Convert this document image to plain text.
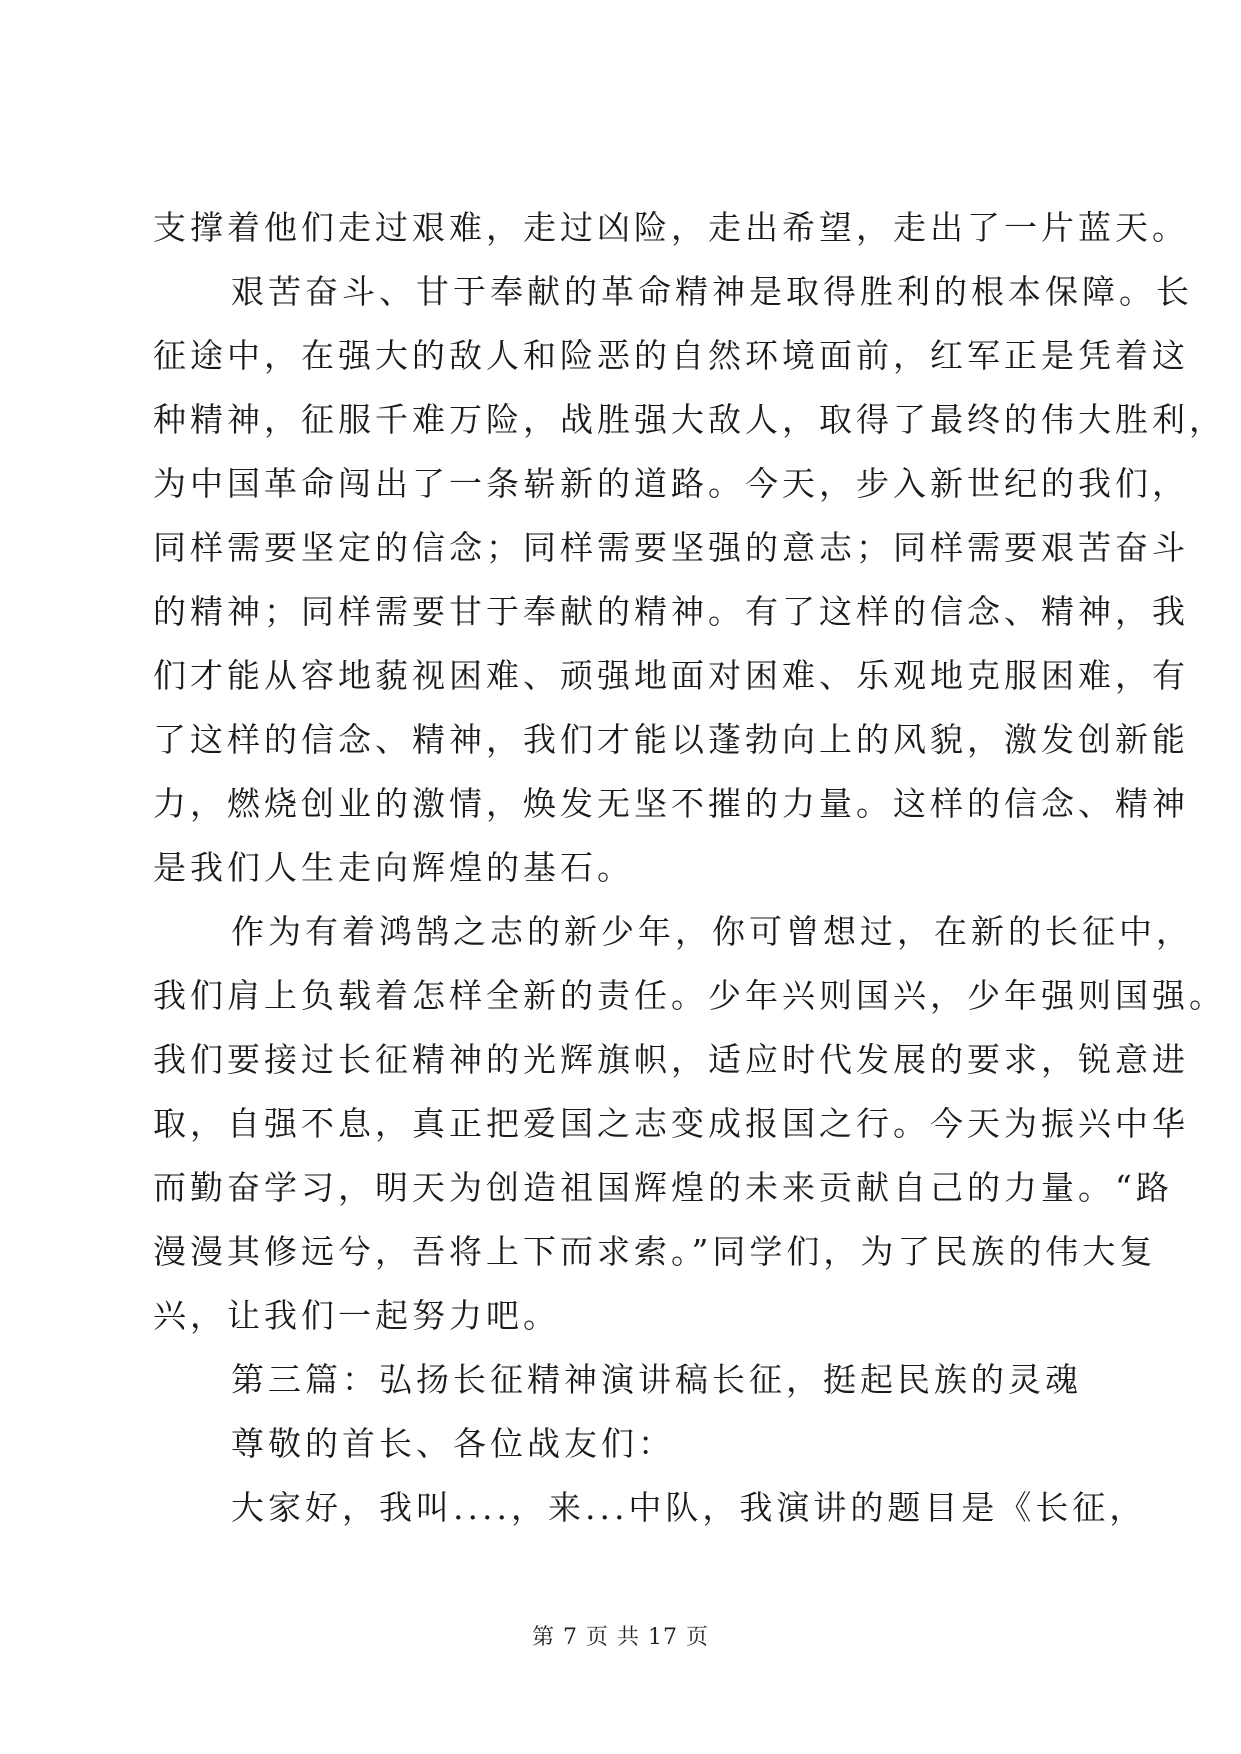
支撑着他们走过艰难，走过凶险，走出希望，走出了一片蓝天。
艰苦奋斗、甘于奉献的革命精神是取得胜利的根本保障。长
征途中，在强大的敌人和险恶的自然环境面前，红军正是凭着这
种精神，征服千难万险，战胜强大敌人，取得了最终的伟大胜利，
为中国革命闯出了一条崭新的道路。今天，步入新世纪的我们，
同样需要坚定的信念；同样需要坚强的意志；同样需要艰苦奋斗
的精神；同样需要甘于奉献的精神。有了这样的信念、精神，我
们才能从容地藐视困难、顽强地面对困难、乐观地克服困难，有
了这样的信念、精神，我们才能以蓬勃向上的风貌，激发创新能
力，燃烧创业的激情，焕发无坚不摧的力量。这样的信念、精神
是我们人生走向辉煌的基石。
作为有着鸿鹄之志的新少年，你可曾想过，在新的长征中，
我们肩上负载着怎样全新的责任。少年兴则国兴，少年强则国强。
我们要接过长征精神的光辉旗帜，适应时代发展的要求，锐意进
取，自强不息，真正把爱国之志变成报国之行。今天为振兴中华
而勤奋学习，明天为创造祖国辉煌的未来贡献自己的力量。“路
漫漫其修远兮，吾将上下而求索。”同学们，为了民族的伟大复
兴，让我们一起努力吧。
第三篇：弘扬长征精神演讲稿长征，挺起民族的灵魂
尊敬的首长、各位战友们：
大家好，我叫....，来...中队，我演讲的题目是《长征，
第 7 页 共 17 页
